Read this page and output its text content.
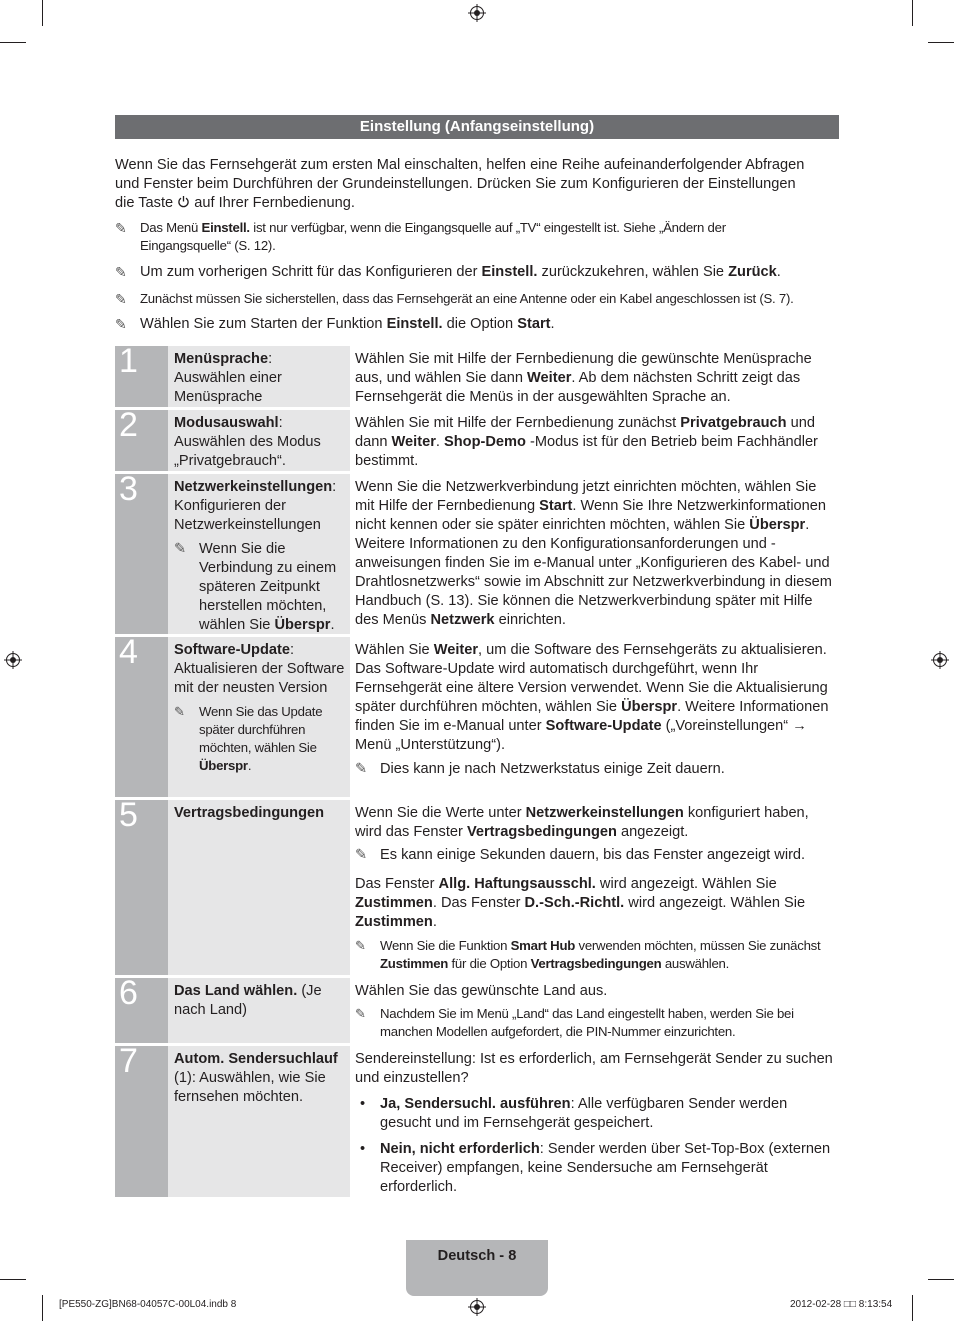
Einstellung (Anfangseinstellung)
Wenn Sie das Fernsehgerät zum ersten Mal einschalten, helfen eine Reihe aufeinanderfolgender Abfragen
und Fenster beim Durchführen der Grundeinstellungen. Drücken Sie zum Konfigurieren der Einstellungen
die Taste auf Ihrer Fernbedienung.
✎	Das Menü Einstell. ist nur verfügbar, wenn die Eingangsquelle auf „TV“ eingestellt ist. Siehe „Ändern der
Eingangsquelle“ (S. 12).
✎ Um zum vorherigen Schritt für das Konfigurieren der Einstell. zurückzukehren, wählen Sie Zurück.
✎	Zunächst müssen Sie sicherstellen, dass das Fernsehgerät an eine Antenne oder ein Kabel angeschlossen ist (S. 7).
✎ Wählen Sie zum Starten der Funktion Einstell. die Option Start.
1	Menüsprache: Auswählen einer Menüsprache
Wählen Sie mit Hilfe der Fernbedienung die gewünschte Menüsprache aus, und wählen Sie dann Weiter. Ab dem nächsten Schritt zeigt das Fernsehgerät die Menüs in der ausgewählten Sprache an.
2	Modusauswahl: Auswählen des Modus „Privatgebrauch“.
Wählen Sie mit Hilfe der Fernbedienung zunächst Privatgebrauch und dann Weiter. Shop-Demo -Modus ist für den Betrieb beim Fachhändler bestimmt.
3	Netzwerkeinstellungen: Konfigurieren der Netzwerkeinstellungen
✎ Wenn Sie die Verbindung zu einem späteren Zeitpunkt herstellen möchten, wählen Sie Überspr.
Wenn Sie die Netzwerkverbindung jetzt einrichten möchten, wählen Sie mit Hilfe der Fernbedienung Start. Wenn Sie Ihre Netzwerkinformationen nicht kennen oder sie später einrichten möchten, wählen Sie Überspr. Weitere Informationen zu den Konfigurationsanforderungen und -anweisungen finden Sie im e-Manual unter „Konfigurieren des Kabel- und Drahtlosnetzwerks“ sowie im Abschnitt zur Netzwerkverbindung in diesem Handbuch (S. 13). Sie können die Netzwerkverbindung später mit Hilfe des Menüs Netzwerk einrichten.
4	Software-Update: Aktualisieren der Software mit der neusten Version
✎ Wenn Sie das Update später durchführen möchten, wählen Sie Überspr.
Wählen Sie Weiter, um die Software des Fernsehgeräts zu aktualisieren. Das Software-Update wird automatisch durchgeführt, wenn Ihr Fernsehgerät eine ältere Version verwendet. Wenn Sie die Aktualisierung später durchführen möchten, wählen Sie Überspr. Weitere Informationen finden Sie im e-Manual unter Software-Update („Voreinstellungen“ → Menü „Unterstützung“).
✎ Dies kann je nach Netzwerkstatus einige Zeit dauern.
5	Vertragsbedingungen	Wenn Sie die Werte unter Netzwerkeinstellungen konfiguriert haben, wird das Fenster Vertragsbedingungen angezeigt.
✎ Es kann einige Sekunden dauern, bis das Fenster angezeigt wird.
Das Fenster Allg. Haftungsausschl. wird angezeigt. Wählen Sie Zustimmen. Das Fenster D.-Sch.-Richtl. wird angezeigt. Wählen Sie Zustimmen.
✎ Wenn Sie die Funktion Smart Hub verwenden möchten, müssen Sie zunächst Zustimmen für die Option Vertragsbedingungen auswählen.
6	Das Land wählen. (Je nach Land)
Wählen Sie das gewünschte Land aus.
✎ Nachdem Sie im Menü „Land“ das Land eingestellt haben, werden Sie bei manchen Modellen aufgefordert, die PIN-Nummer einzurichten.
7	Autom. Sendersuchlauf (1): Auswählen, wie Sie fernsehen möchten.
Sendereinstellung: Ist es erforderlich, am Fernsehgerät Sender zu suchen und einzustellen?
• Ja, Sendersuchl. ausführen: Alle verfügbaren Sender werden gesucht und im Fernsehgerät gespeichert.
• Nein, nicht erforderlich: Sender werden über Set-Top-Box (externen Receiver) empfangen, keine Sendersuche am Fernsehgerät erforderlich.
Deutsch - 8
[PE550-ZG]BN68-04057C-00L04.indb 8	2012-02-28 □□ 8:13:54
